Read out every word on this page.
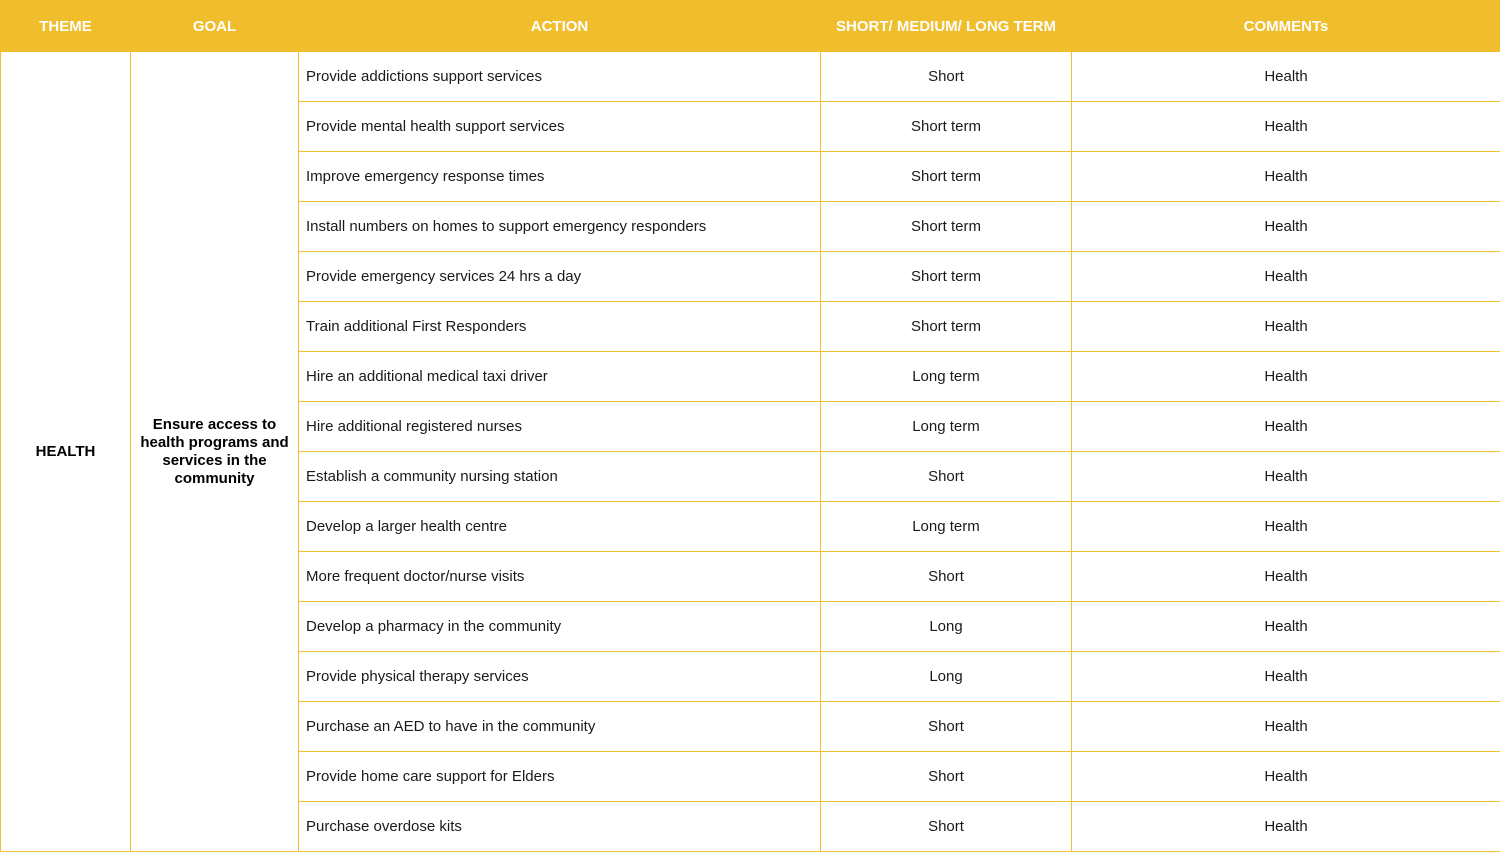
THEME	GOAL	ACTION	SHORT/ MEDIUM/ LONG TERM	COMMENTs
HEALTH	Ensure access to health programs and services in the community	Provide addictions support services	Short	Health
		Provide mental health support services	Short term	Health
		Improve emergency response times	Short term	Health
		Install numbers on homes to support emergency responders	Short term	Health
		Provide emergency services 24 hrs a day	Short term	Health
		Train additional First Responders	Short term	Health
		Hire an additional medical taxi driver	Long term	Health
		Hire additional registered nurses	Long term	Health
		Establish a community nursing station	Short	Health
		Develop a larger health centre	Long term	Health
		More frequent doctor/nurse visits	Short	Health
		Develop a pharmacy in the community	Long	Health
		Provide physical therapy services	Long	Health
		Purchase an AED to have in the community	Short	Health
		Provide home care support for Elders	Short	Health
		Purchase overdose kits	Short	Health
